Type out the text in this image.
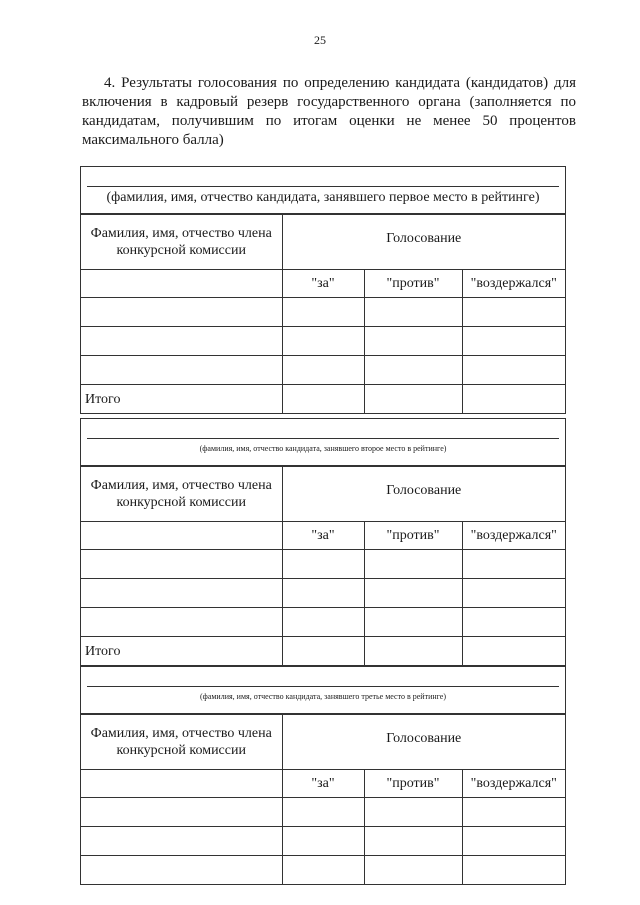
25
4. Результаты голосования по определению кандидата (кандидатов) для включения в кадровый резерв государственного органа (заполняется по кандидатам, получившим по итогам оценки не менее 50 процентов максимального балла)
(фамилия, имя, отчество кандидата, занявшего первое место в рейтинге)
Фамилия, имя, отчество члена конкурсной комиссии	Голосование		
	"за"	"против"	"воздержался"

Итого			
(фамилия, имя, отчество кандидата, занявшего второе место в рейтинге)
Фамилия, имя, отчество члена конкурсной комиссии	Голосование		
	"за"	"против"	"воздержался"

Итого			
(фамилия, имя, отчество кандидата, занявшего третье место в рейтинге)
Фамилия, имя, отчество члена конкурсной комиссии	Голосование		
	"за"	"против"	"воздержался"
